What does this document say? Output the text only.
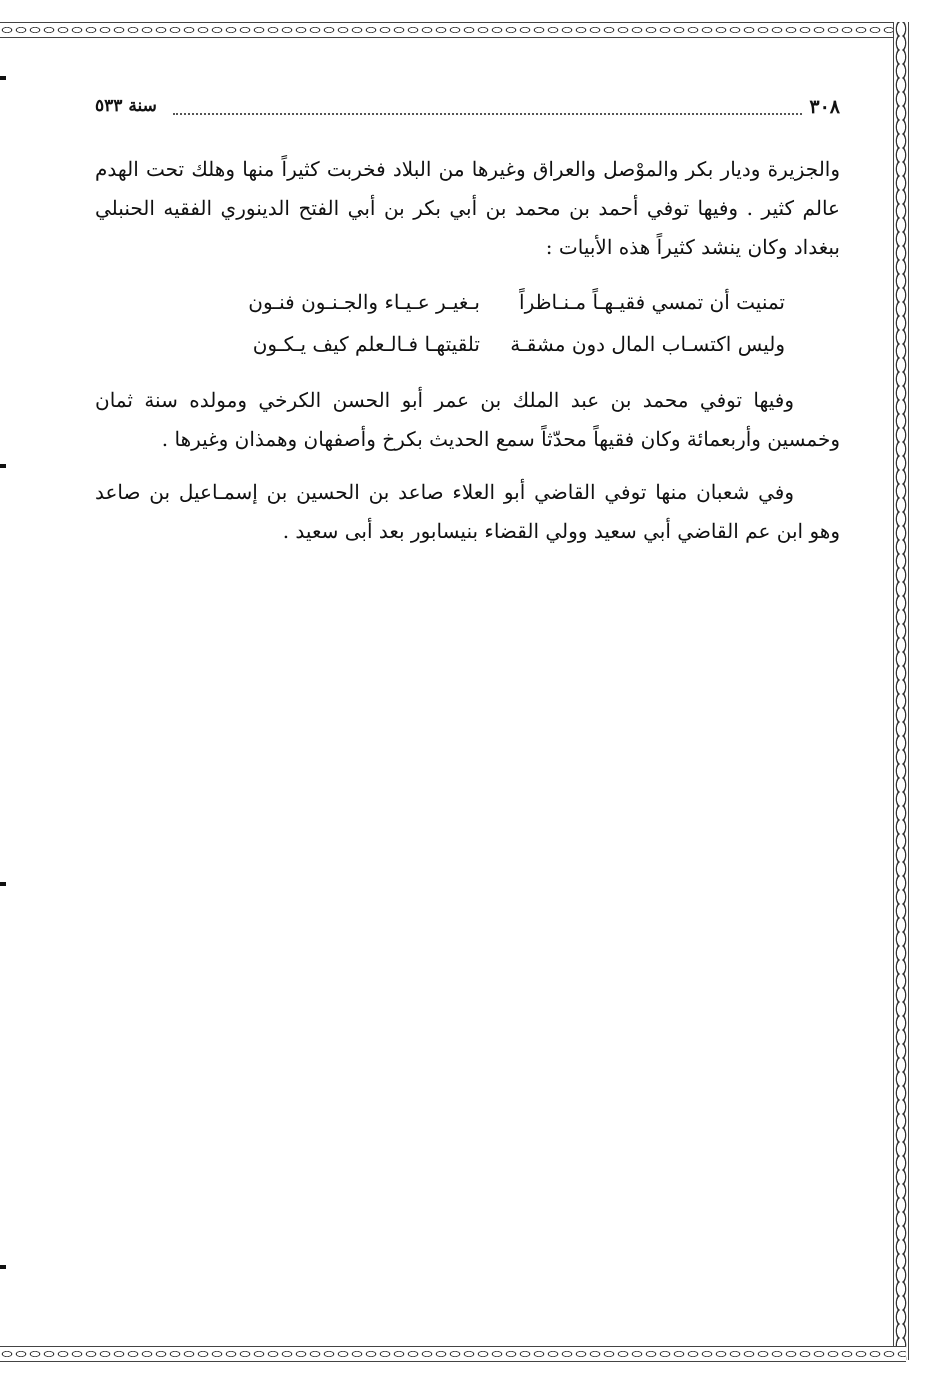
٣٠٨
سنة ٥٣٣

والجزيرة وديار بكر والموْصل والعراق وغيرها من البلاد فخربت كثيراً منها وهلك تحت الهدم عالم كثير . وفيها توفي أحمد بن محمد بن أبي بكر بن أبي الفتح الدينوري الفقيه الحنبلي ببغداد وكان ينشد كثيراً هذه الأبيات :

تمنيت أن تمسي فقيـهـاً مـنـاظراً
بـغيـر عـيـاء والجـنـون فنـون
وليس اكتسـاب المال دون مشقـة
تلقيتهـا فـالـعلم كيف يـكـون

وفيها توفي محمد بن عبد الملك بن عمر أبو الحسن الكرخي ومولده سنة ثمان وخمسين وأربعمائة وكان فقيهاً محدّثاً سمع الحديث بكرخ وأصفهان وهمذان وغيرها .

وفي شعبان منها توفي القاضي أبو العلاء صاعد بن الحسين بن إسمـاعيل بن صاعد وهو ابن عم القاضي أبي سعيد وولي القضاء بنيسابور بعد أبى سعيد .
